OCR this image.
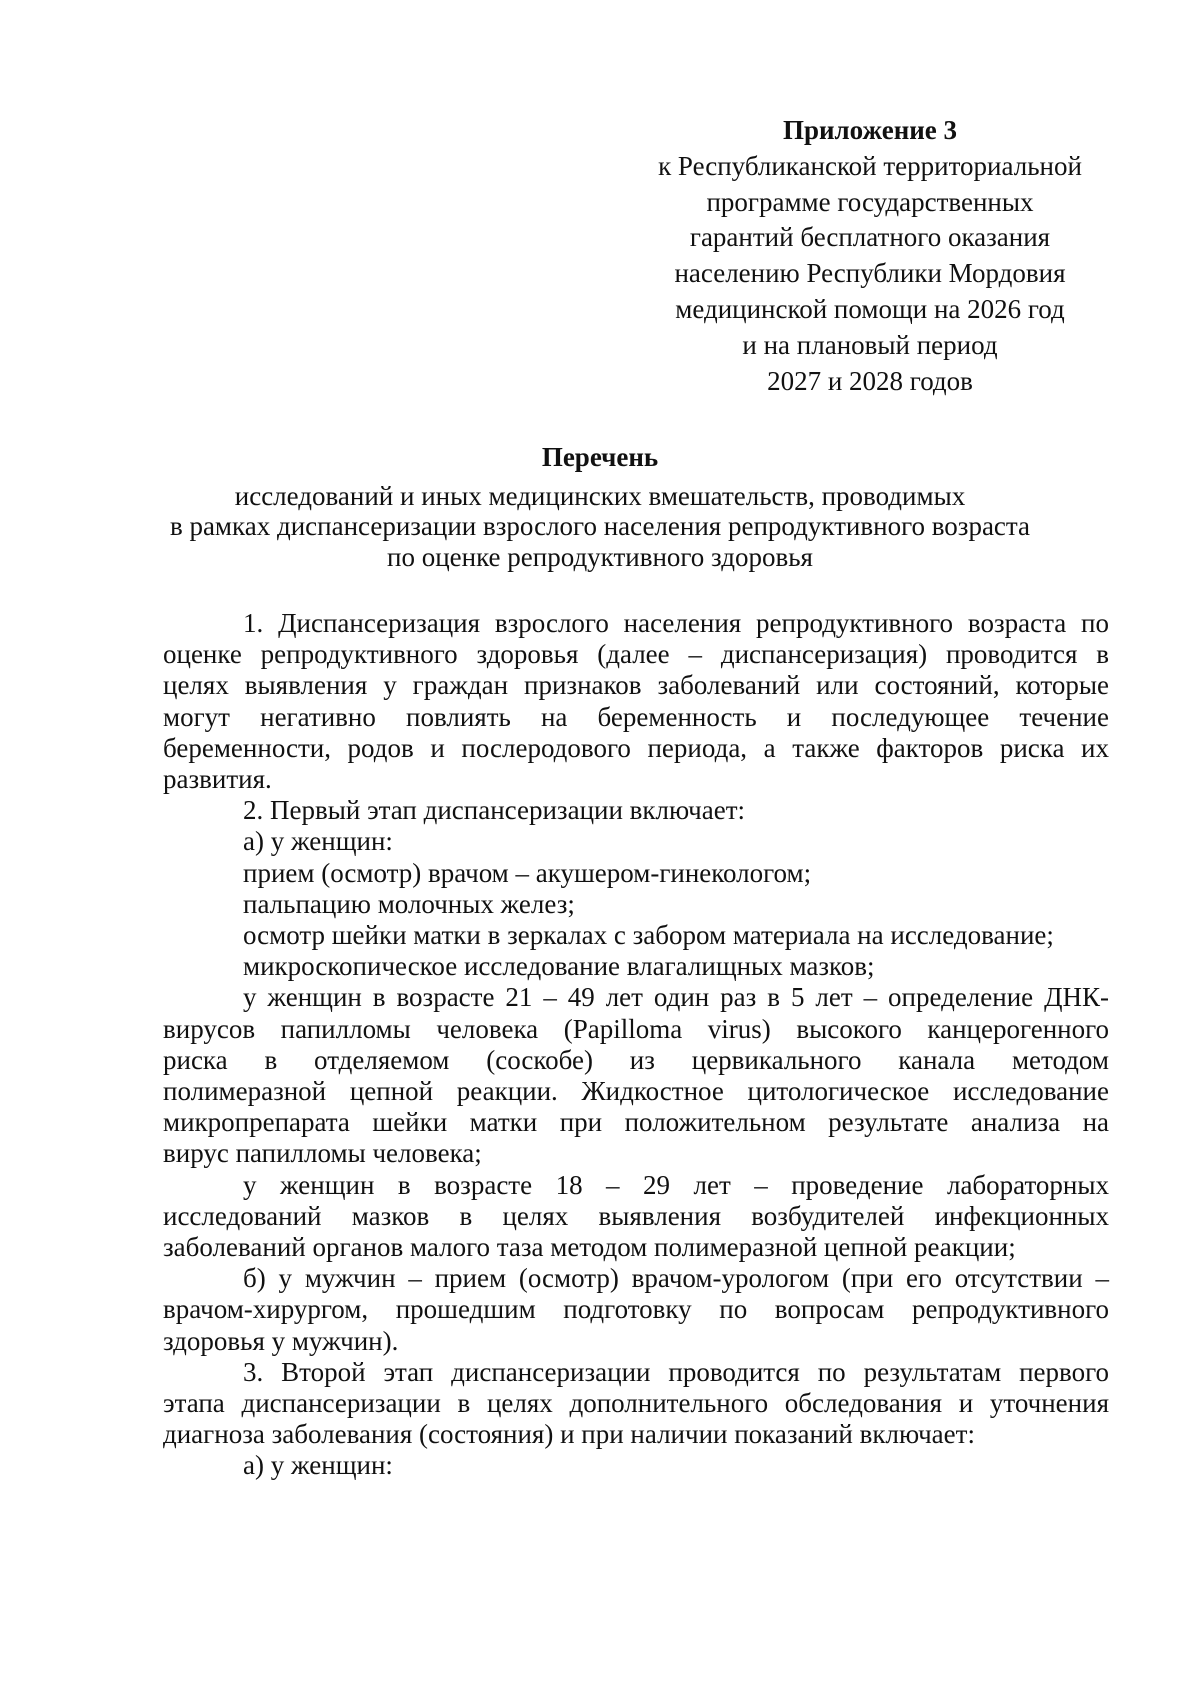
Приложение 3
к Республиканской территориальной
программе государственных
гарантий бесплатного оказания
населению Республики Мордовия
медицинской помощи на 2026 год
и на плановый период
2027 и 2028 годов
Перечень
исследований и иных медицинских вмешательств, проводимых
в рамках диспансеризации взрослого населения репродуктивного возраста
по оценке репродуктивного здоровья
1. Диспансеризация взрослого населения репродуктивного возраста по
оценке репродуктивного здоровья (далее – диспансеризация) проводится в
целях выявления у граждан признаков заболеваний или состояний, которые
могут негативно повлиять на беременность и последующее течение
беременности, родов и послеродового периода, а также факторов риска их
развития.
2. Первый этап диспансеризации включает:
а) у женщин:
прием (осмотр) врачом – акушером-гинекологом;
пальпацию молочных желез;
осмотр шейки матки в зеркалах с забором материала на исследование;
микроскопическое исследование влагалищных мазков;
у женщин в возрасте 21 – 49 лет один раз в 5 лет – определение ДНК-
вирусов папилломы человека (Papilloma virus) высокого канцерогенного
риска в отделяемом (соскобе) из цервикального канала методом
полимеразной цепной реакции. Жидкостное цитологическое исследование
микропрепарата шейки матки при положительном результате анализа на
вирус папилломы человека;
у женщин в возрасте 18 – 29 лет – проведение лабораторных
исследований мазков в целях выявления возбудителей инфекционных
заболеваний органов малого таза методом полимеразной цепной реакции;
б) у мужчин – прием (осмотр) врачом-урологом (при его отсутствии –
врачом-хирургом, прошедшим подготовку по вопросам репродуктивного
здоровья у мужчин).
3. Второй этап диспансеризации проводится по результатам первого
этапа диспансеризации в целях дополнительного обследования и уточнения
диагноза заболевания (состояния) и при наличии показаний включает:
а) у женщин:
